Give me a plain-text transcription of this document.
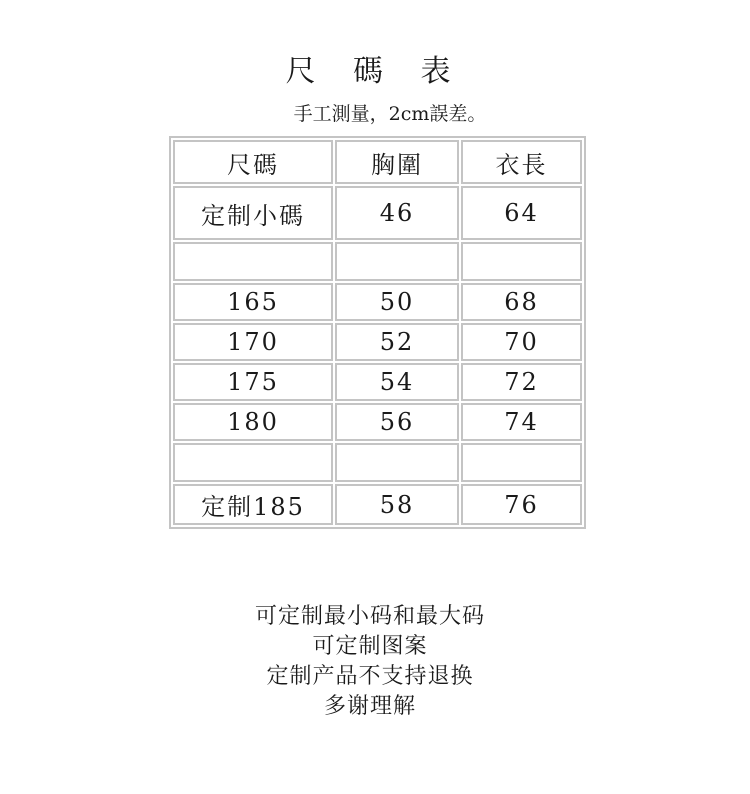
尺 碼 表
手工測量，2cm誤差。
尺碼	胸圍	衣長
定制小碼	46	64

165	50	68
170	52	70
175	54	72
180	56	74

定制185	58	76
可定制最小码和最大码
可定制图案
定制产品不支持退换
多谢理解
